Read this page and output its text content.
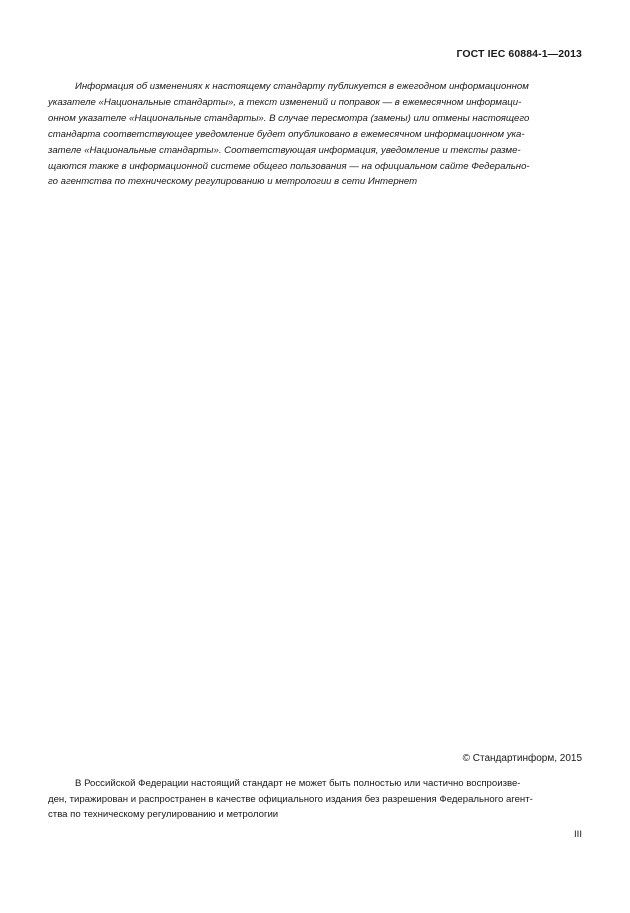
ГОСТ IEC 60884-1—2013
Информация об изменениях к настоящему стандарту публикуется в ежегодном информационном
указателе «Национальные стандарты», а текст изменений и поправок — в ежемесячном информаци-
онном указателе «Национальные стандарты». В случае пересмотра (замены) или отмены настоящего
стандарта соответствующее уведомление будет опубликовано в ежемесячном информационном ука-
зателе «Национальные стандарты». Соответствующая информация, уведомление и тексты разме-
щаются также в информационной системе общего пользования — на официальном сайте Федерально-
го агентства по техническому регулированию и метрологии в сети Интернет
© Стандартинформ, 2015
В Российской Федерации настоящий стандарт не может быть полностью или частично воспроизве-
ден, тиражирован и распространен в качестве официального издания без разрешения Федерального агент-
ства по техническому регулированию и метрологии
III
